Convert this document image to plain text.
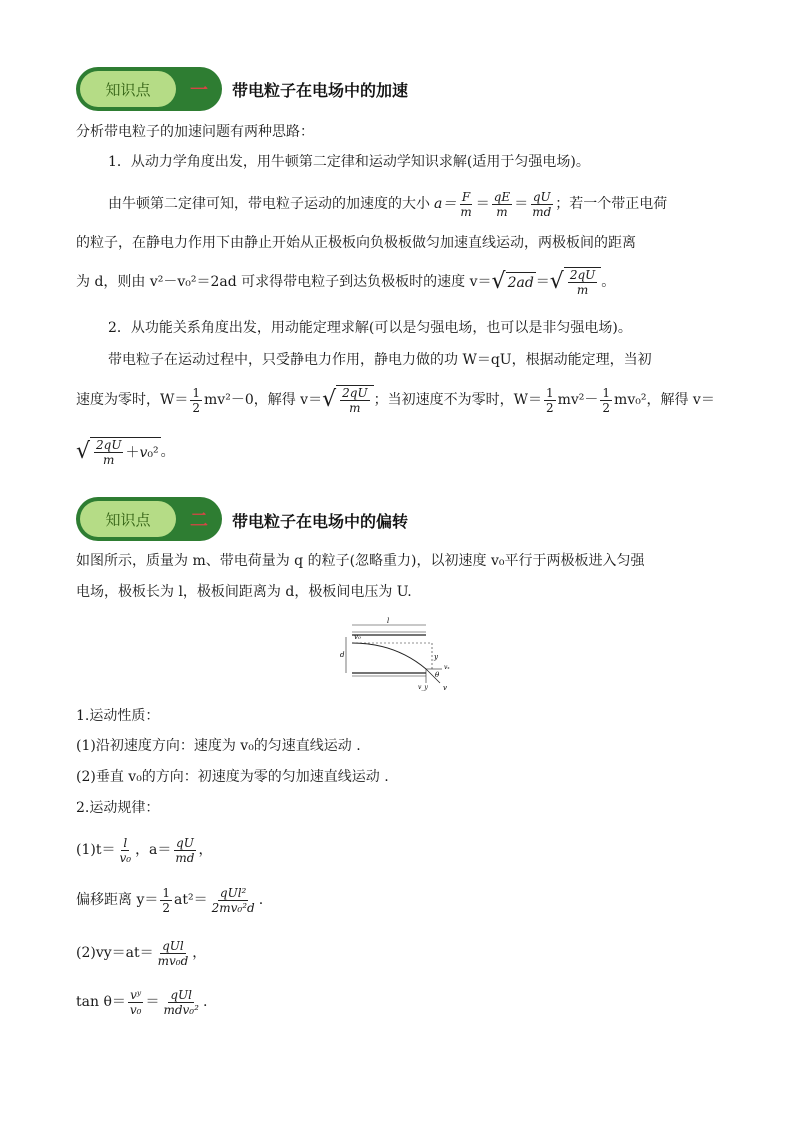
知识点	一	带电粒子在电场中的加速
分析带电粒子的加速问题有两种思路：
1．从动力学角度出发，用牛顿第二定律和运动学知识求解(适用于匀强电场)。
由牛顿第二定律可知，带电粒子运动的加速度的大小 $a= \frac{F}{m} = \frac{qE}{m} = \frac{qU}{md}$ ；若一个带正电荷
的粒子，在静电力作用下由静止开始从正极板向负极板做匀加速直线运动，两极板间的距离
为 d，则由 v²－v₀²＝2ad 可求得带电粒子到达负极板时的速度 v＝ √ 2ad ＝ √ $\frac{2qU}{m}$ 。
2．从功能关系角度出发，用动能定理求解(可以是匀强电场，也可以是非匀强电场)。
带电粒子在运动过程中，只受静电力作用，静电力做的功 W＝qU，根据动能定理，当初
速度为零时，$W= \frac{1}{2} mv^2-0$，解得 v＝ √ $\frac{2qU}{m}$ ；当初速度不为零时，$W= \frac{1}{2} mv^2- \frac{1}{2} mv_0^2$，解得 v＝
√ $\frac{2qU}{m} + v$ ₀² 。
知识点	二	带电粒子在电场中的偏转
如图所示，质量为 m、带电荷量为 q 的粒子(忽略重力)，以初速度 v₀平行于两极板进入匀强
电场，极板长为 l，极板间距离为 d，极板间电压为 U.
l
v₀
d	y
vₓ
θ
v_y v
1.运动性质：
(1)沿初速度方向：速度为 v₀的匀速直线运动 .
(2)垂直 v₀的方向：初速度为零的匀加速直线运动 .
2.运动规律：
$(1)t= \frac{l}{\text{v₀}}$ ，$a= \frac{qU}{md}$ ，
偏移距离 $y= \frac{1}{2} at^2= \frac{\text{qUl²}}{\text{2mv₀²d}}$ .
$(2)vy=at= \frac{\text{qUl}}{\text{mv₀d}}$ ，
$\tan \theta= \frac{\text{vʸ}}{\text{v₀}} = \frac{\text{qUl}}{\text{mdv₀²}}$ .
